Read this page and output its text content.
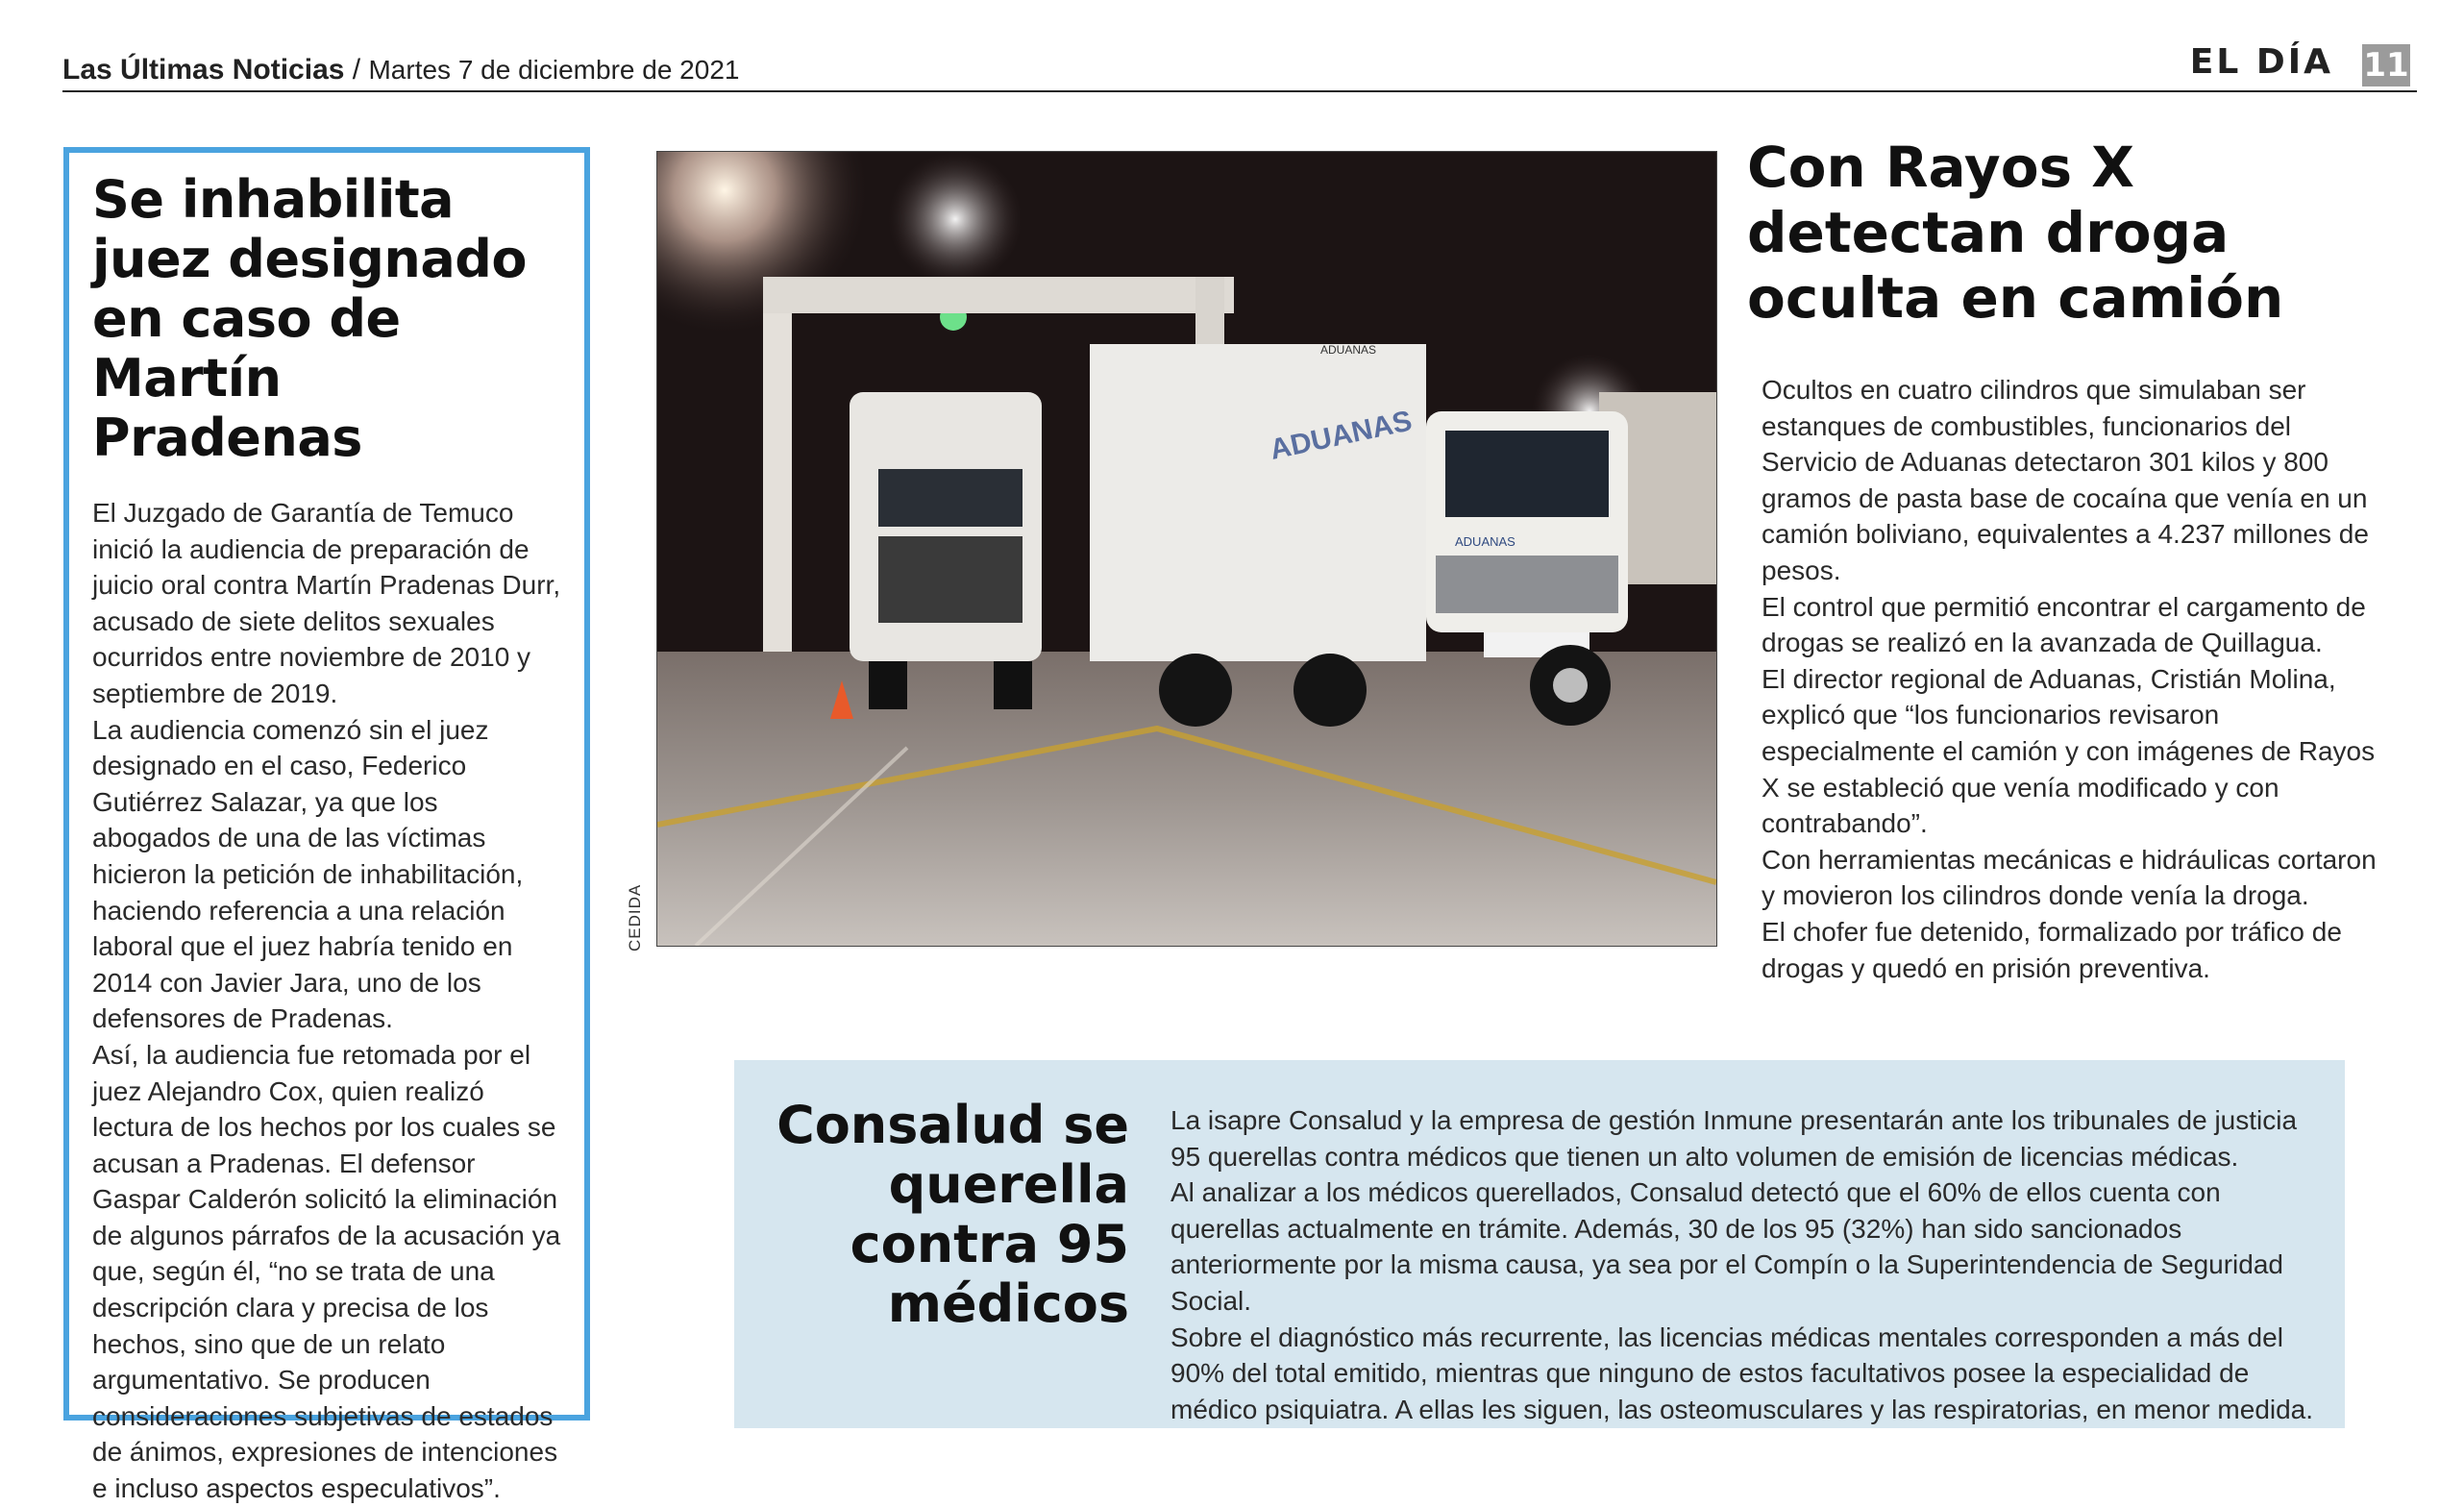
Las Últimas Noticias / Martes 7 de diciembre de 2021	EL DÍA 11
Se inhabilita juez designado en caso de Martín Pradenas

El Juzgado de Garantía de Temuco inició la audiencia de preparación de juicio oral contra Martín Pradenas Durr, acusado de siete delitos sexuales ocurridos entre noviembre de 2010 y septiembre de 2019.

La audiencia comenzó sin el juez designado en el caso, Federico Gutiérrez Salazar, ya que los abogados de una de las víctimas hicieron la petición de inhabilitación, haciendo referencia a una relación laboral que el juez habría tenido en 2014 con Javier Jara, uno de los defensores de Pradenas.

Así, la audiencia fue retomada por el juez Alejandro Cox, quien realizó lectura de los hechos por los cuales se acusan a Pradenas. El defensor Gaspar Calderón solicitó la eliminación de algunos párrafos de la acusación ya que, según él, “no se trata de una descripción clara y precisa de los hechos, sino que de un relato argumentativo. Se producen consideraciones subjetivas de estados de ánimos, expresiones de intenciones e incluso aspectos especulativos”.

ADUANAS
ADUANAS
ADUANAS
CEDIDA
Con Rayos X detectan droga oculta en camión

Ocultos en cuatro cilindros que simulaban ser estanques de combustibles, funcionarios del Servicio de Aduanas detectaron 301 kilos y 800 gramos de pasta base de cocaína que venía en un camión boliviano, equivalentes a 4.237 millones de pesos.

El control que permitió encontrar el cargamento de drogas se realizó en la avanzada de Quillagua.

El director regional de Aduanas, Cristián Molina, explicó que “los funcionarios revisaron especialmente el camión y con imágenes de Rayos X se estableció que venía modificado y con contrabando”.

Con herramientas mecánicas e hidráulicas cortaron y movieron los cilindros donde venía la droga.

El chofer fue detenido, formalizado por tráfico de drogas y quedó en prisión preventiva.

Consalud se querella contra 95 médicos

La isapre Consalud y la empresa de gestión Inmune presentarán ante los tribunales de justicia 95 querellas contra médicos que tienen un alto volumen de emisión de licencias médicas.

Al analizar a los médicos querellados, Consalud detectó que el 60% de ellos cuenta con querellas actualmente en trámite. Además, 30 de los 95 (32%) han sido sancionados anteriormente por la misma causa, ya sea por el Compín o la Superintendencia de Seguridad Social.

Sobre el diagnóstico más recurrente, las licencias médicas mentales corresponden a más del 90% del total emitido, mientras que ninguno de estos facultativos posee la especialidad de médico psiquiatra. A ellas les siguen, las osteomusculares y las respiratorias, en menor medida.
